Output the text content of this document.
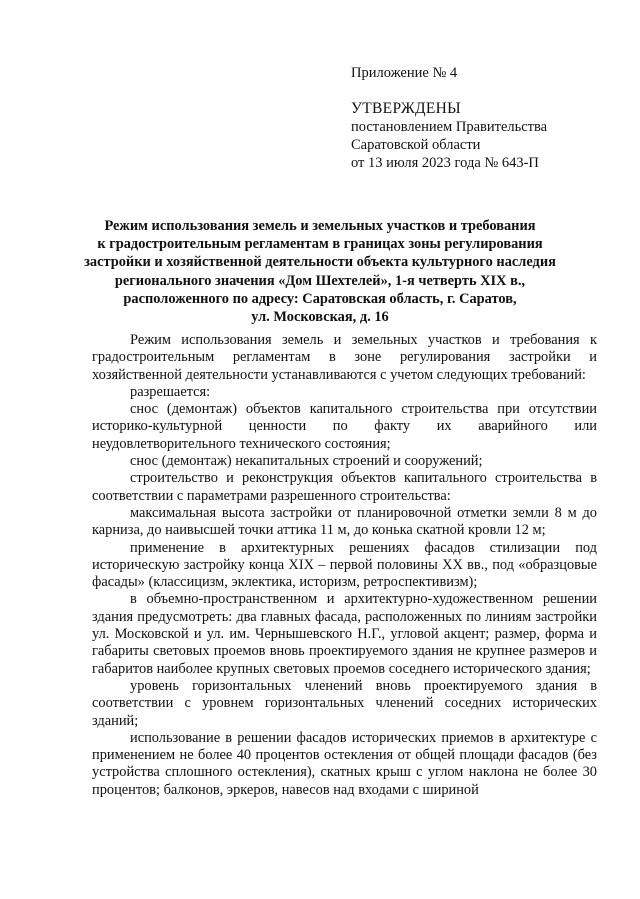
Приложение № 4
УТВЕРЖДЕНЫ
постановлением Правительства
Саратовской области
от 13 июля 2023 года № 643-П
Режим использования земель и земельных участков и требования
к градостроительным регламентам в границах зоны регулирования
застройки и хозяйственной деятельности объекта культурного наследия
регионального значения «Дом Шехтелей», 1-я четверть XIX в.,
расположенного по адресу: Саратовская область, г. Саратов,
ул. Московская, д. 16

Режим использования земель и земельных участков и требования к градостроительным регламентам в зоне регулирования застройки и хозяйственной деятельности устанавливаются с учетом следующих требований:

разрешается:

снос (демонтаж) объектов капитального строительства при отсутствии историко-культурной ценности по факту их аварийного или неудовлетворительного технического состояния;

снос (демонтаж) некапитальных строений и сооружений;

строительство и реконструкция объектов капитального строительства в соответствии с параметрами разрешенного строительства:

максимальная высота застройки от планировочной отметки земли 8 м до карниза, до наивысшей точки аттика 11 м, до конька скатной кровли 12 м;

применение в архитектурных решениях фасадов стилизации под историческую застройку конца XIX – первой половины XX вв., под «образцовые фасады» (классицизм, эклектика, историзм, ретроспективизм);

в объемно-пространственном и архитектурно-художественном решении здания предусмотреть: два главных фасада, расположенных по линиям застройки ул. Московской и ул. им. Чернышевского Н.Г., угловой акцент; размер, форма и габариты световых проемов вновь проектируемого здания не крупнее размеров и габаритов наиболее крупных световых проемов соседнего исторического здания;

уровень горизонтальных членений вновь проектируемого здания в соответствии с уровнем горизонтальных членений соседних исторических зданий;

использование в решении фасадов исторических приемов в архитектуре с применением не более 40 процентов остекления от общей площади фасадов (без устройства сплошного остекления), скатных крыш с углом наклона не более 30 процентов; балконов, эркеров, навесов над входами с шириной
